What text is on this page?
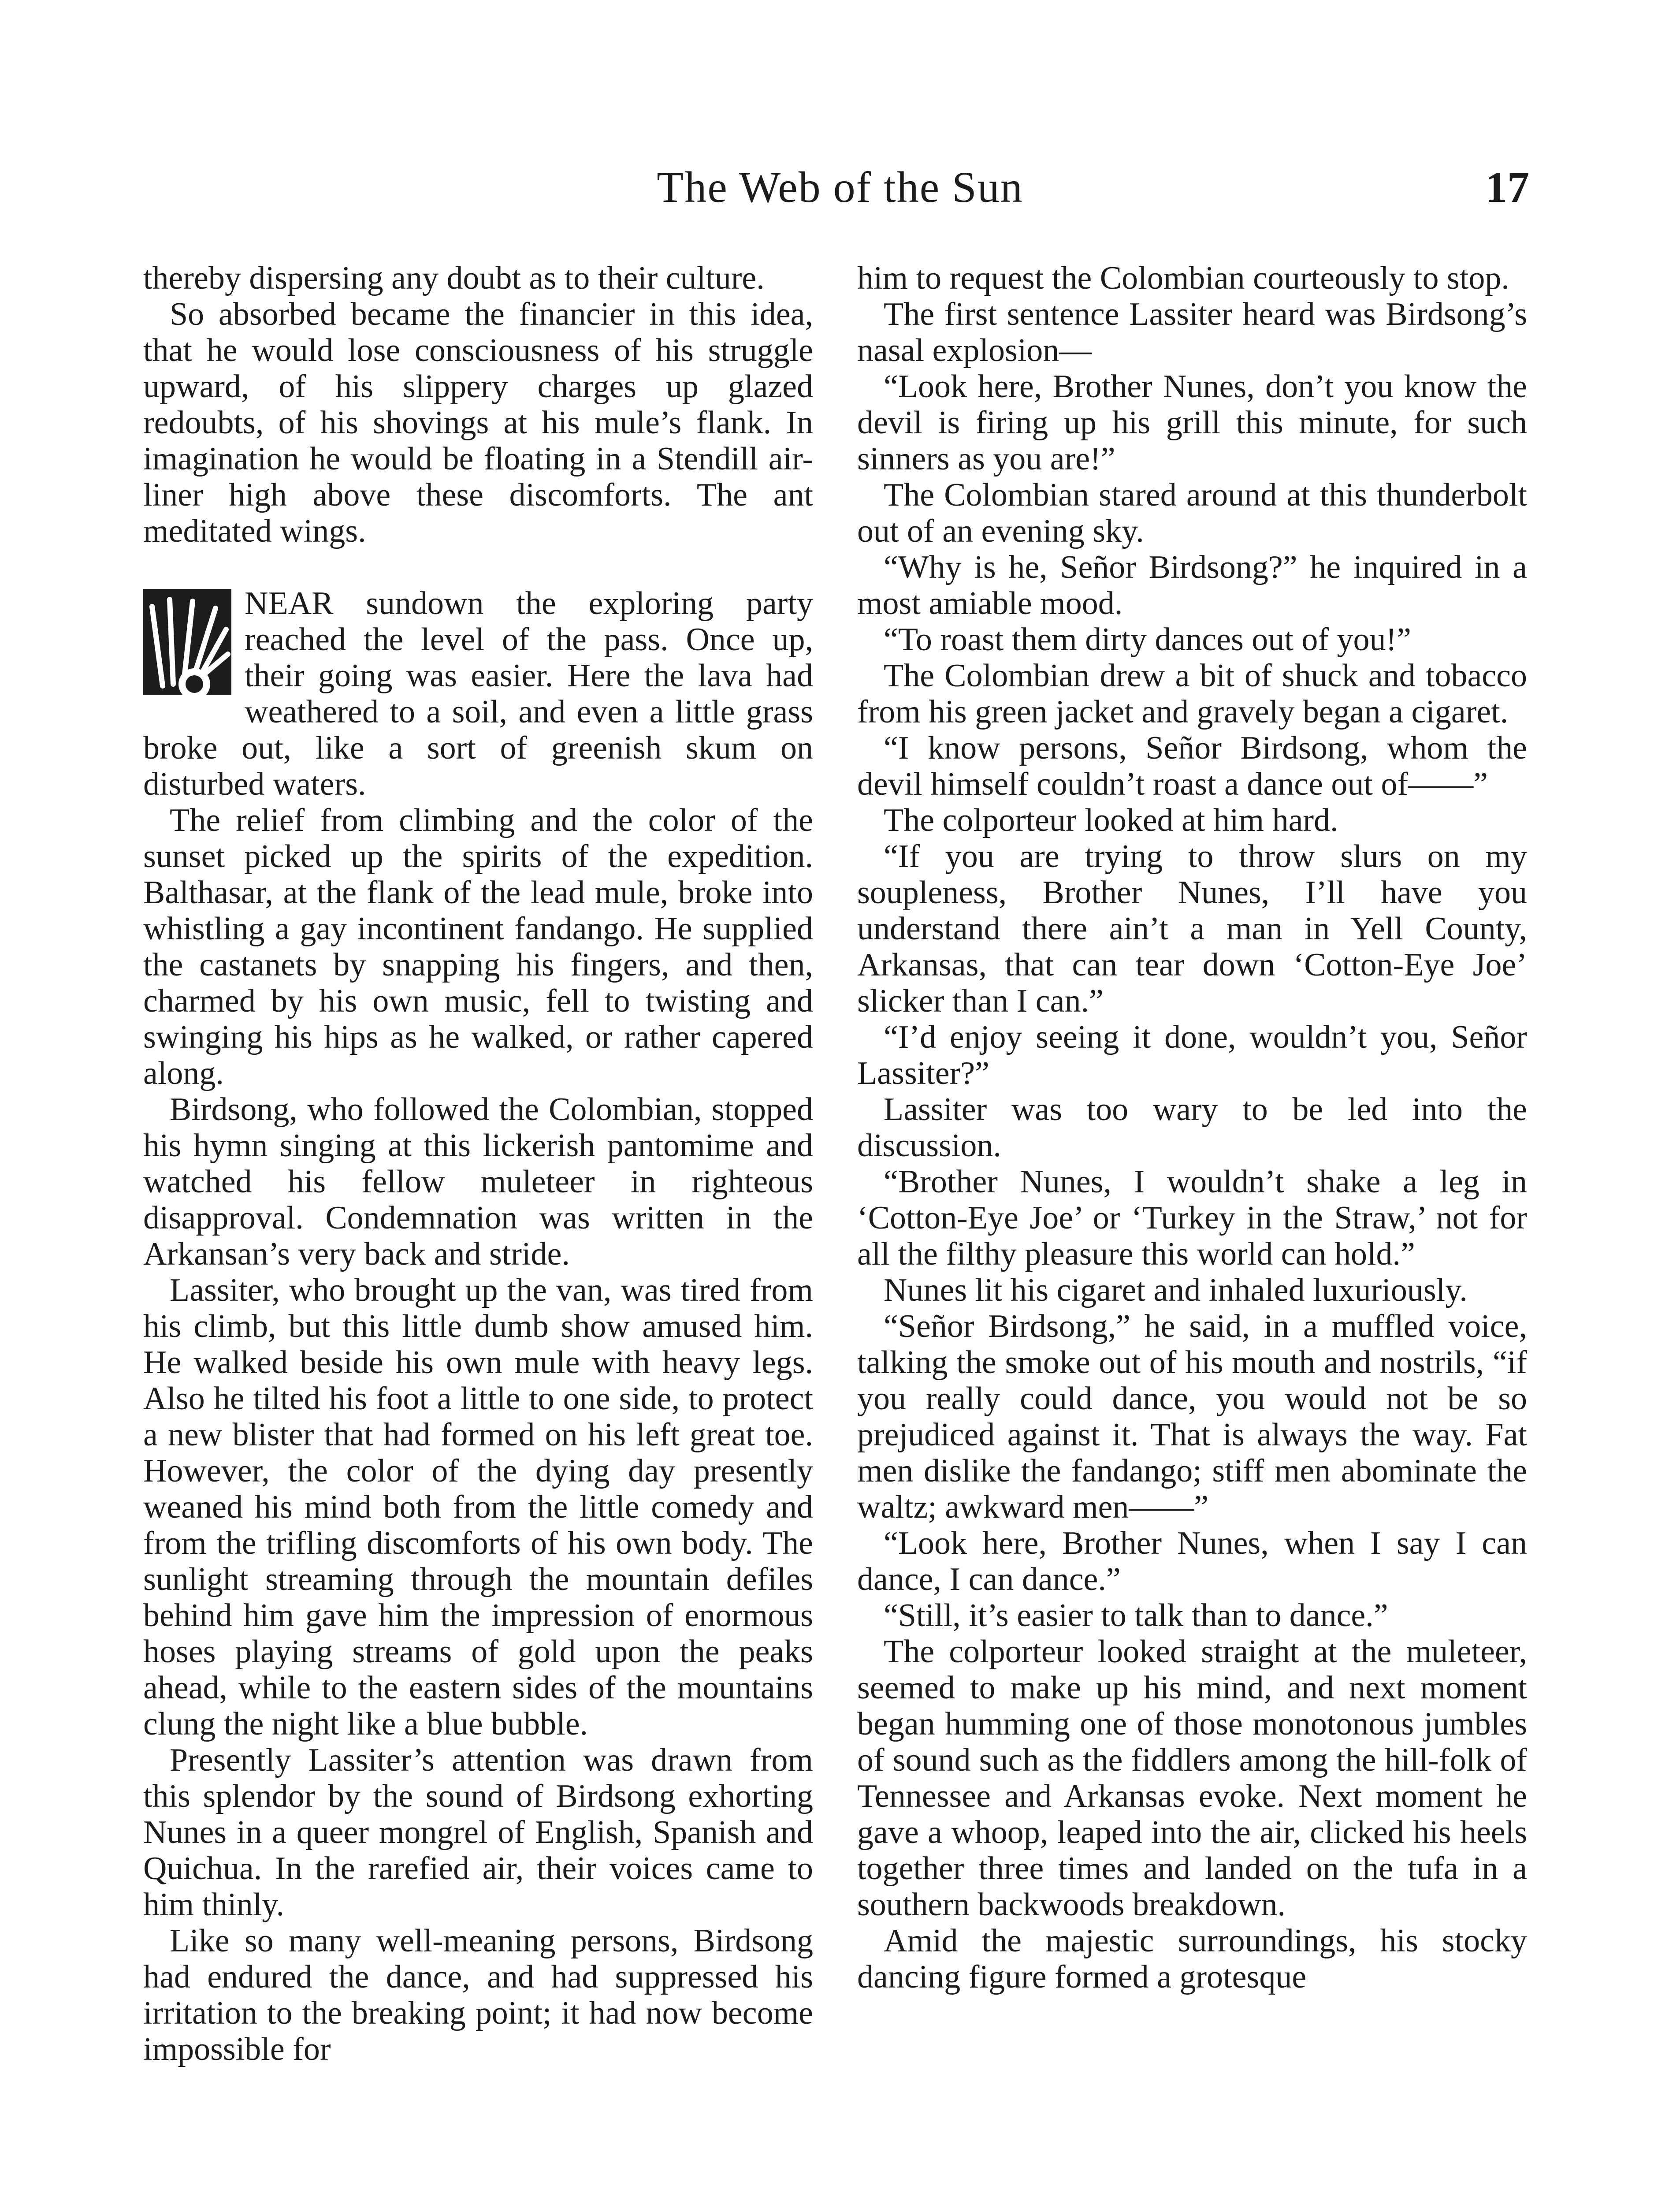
The Web of the Sun	17

thereby dispersing any doubt as to their culture.

So absorbed became the financier in this idea, that he would lose consciousness of his struggle upward, of his slippery charges up glazed redoubts, of his shovings at his mule’s flank. In imagination he would be floating in a Stendill air-liner high above these discomforts. The ant meditated wings.

NEAR sundown the exploring party reached the level of the pass. Once up, their going was easier. Here the lava had weathered to a soil, and even a little grass broke out, like a sort of greenish skum on disturbed waters.

The relief from climbing and the color of the sunset picked up the spirits of the expedition. Balthasar, at the flank of the lead mule, broke into whistling a gay incontinent fandango. He supplied the castanets by snapping his fingers, and then, charmed by his own music, fell to twisting and swinging his hips as he walked, or rather capered along.

Birdsong, who followed the Colombian, stopped his hymn singing at this lickerish pantomime and watched his fellow muleteer in righteous disapproval. Condemnation was written in the Arkansan’s very back and stride.

Lassiter, who brought up the van, was tired from his climb, but this little dumb show amused him. He walked beside his own mule with heavy legs. Also he tilted his foot a little to one side, to protect a new blister that had formed on his left great toe. However, the color of the dying day presently weaned his mind both from the little comedy and from the trifling discomforts of his own body. The sunlight streaming through the mountain defiles behind him gave him the impression of enormous hoses playing streams of gold upon the peaks ahead, while to the eastern sides of the mountains clung the night like a blue bubble.

Presently Lassiter’s attention was drawn from this splendor by the sound of Birdsong exhorting Nunes in a queer mongrel of English, Spanish and Quichua. In the rarefied air, their voices came to him thinly.

Like so many well-meaning persons, Birdsong had endured the dance, and had suppressed his irritation to the breaking point; it had now become impossible for

him to request the Colombian courteously to stop.

The first sentence Lassiter heard was Birdsong’s nasal explosion—

“Look here, Brother Nunes, don’t you know the devil is firing up his grill this minute, for such sinners as you are!”

The Colombian stared around at this thunderbolt out of an evening sky.

“Why is he, Señor Birdsong?” he inquired in a most amiable mood.

“To roast them dirty dances out of you!”

The Colombian drew a bit of shuck and tobacco from his green jacket and gravely began a cigaret.

“I know persons, Señor Birdsong, whom the devil himself couldn’t roast a dance out of——”

The colporteur looked at him hard.

“If you are trying to throw slurs on my soupleness, Brother Nunes, I’ll have you understand there ain’t a man in Yell County, Arkansas, that can tear down ‘Cotton-Eye Joe’ slicker than I can.”

“I’d enjoy seeing it done, wouldn’t you, Señor Lassiter?”

Lassiter was too wary to be led into the discussion.

“Brother Nunes, I wouldn’t shake a leg in ‘Cotton-Eye Joe’ or ‘Turkey in the Straw,’ not for all the filthy pleasure this world can hold.”

Nunes lit his cigaret and inhaled luxuriously.

“Señor Birdsong,” he said, in a muffled voice, talking the smoke out of his mouth and nostrils, “if you really could dance, you would not be so prejudiced against it. That is always the way. Fat men dislike the fandango; stiff men abominate the waltz; awkward men——”

“Look here, Brother Nunes, when I say I can dance, I can dance.”

“Still, it’s easier to talk than to dance.”

The colporteur looked straight at the muleteer, seemed to make up his mind, and next moment began humming one of those monotonous jumbles of sound such as the fiddlers among the hill-folk of Tennessee and Arkansas evoke. Next moment he gave a whoop, leaped into the air, clicked his heels together three times and landed on the tufa in a southern backwoods breakdown.

Amid the majestic surroundings, his stocky dancing figure formed a grotesque
